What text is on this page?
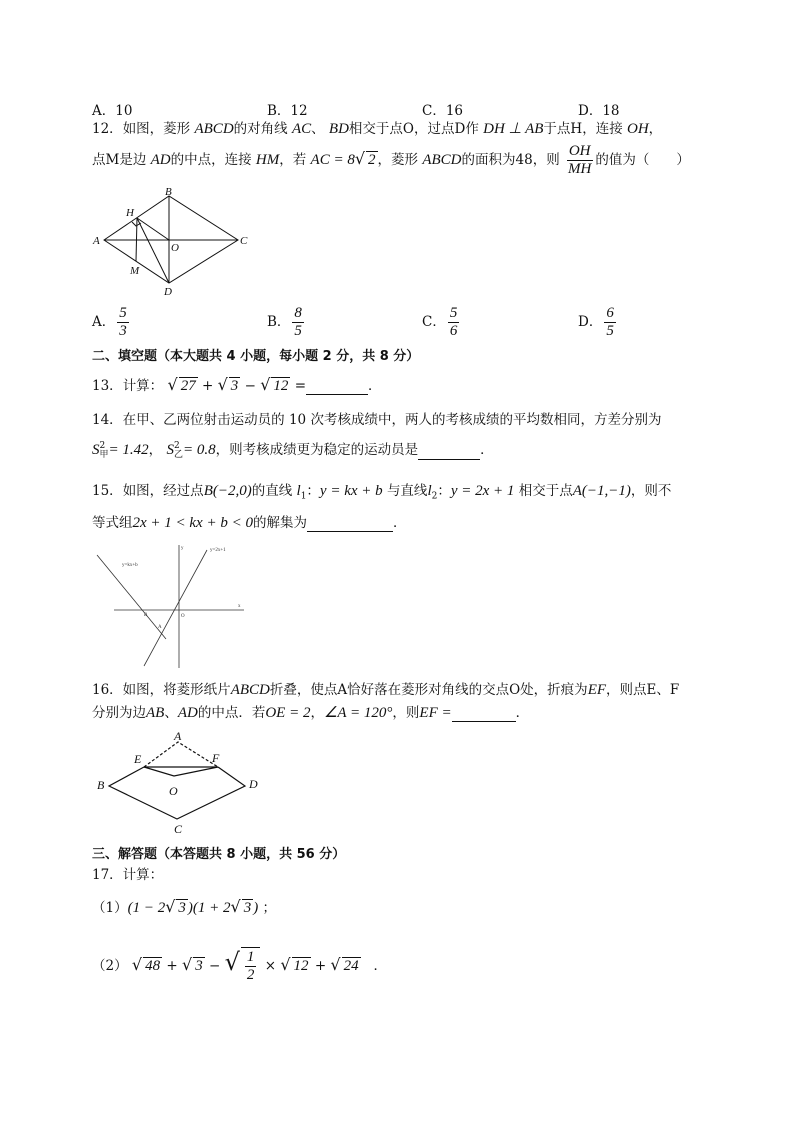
A．10	B．12	C．16	D．18
12．如图，菱形 ABCD的对角线 AC、 BD相交于点O，过点D作 DH ⊥ AB于点H，连接 OH，
点M是边 AD的中点，连接 HM，若 AC = 8√ 2 ，菱形 ABCD的面积为48，则 $\frac{OH}{MH}$ 的值为（　　）
A
B
C
D
H
O
M
A． $\frac{5}{3}$	B． $\frac{8}{5}$	C． $\frac{5}{6}$	D． $\frac{6}{5}$
二、填空题（本大题共 4 小题，每小题 2 分，共 8 分）
13．计算： √ 27 + √ 3 − √ 12 =	．
14．在甲、乙两位射击运动员的 10 次考核成绩中，两人的考核成绩的平均数相同，方差分别为
S 2
甲 = 1.42， S 2
乙 = 0.8，则考核成绩更为稳定的运动员是	．
15．如图，经过点B(−2,0)的直线 $l_1$：y = kx + b 与直线$l_2$：y = 2x + 1 相交于点A(−1,−1)，则不
等式组2x + 1 < kx + b < 0的解集为	．
y=kx+b
y=2x+1
y
x
B	O
A
16．如图，将菱形纸片ABCD折叠，使点A恰好落在菱形对角线的交点O处，折痕为EF，则点E、F
分别为边AB、AD的中点．若OE = 2，∠A = 120°，则EF =	．
A
B
C
D
E	F
O
三、解答题（本答题共 8 小题，共 56 分）
17．计算：
（1）(1 − 2√ 3 )(1 + 2√ 3 ) ；
（2） √ 48 + √ 3 − √ $\frac{1}{2}$ × √ 12 + √ 24 ．
